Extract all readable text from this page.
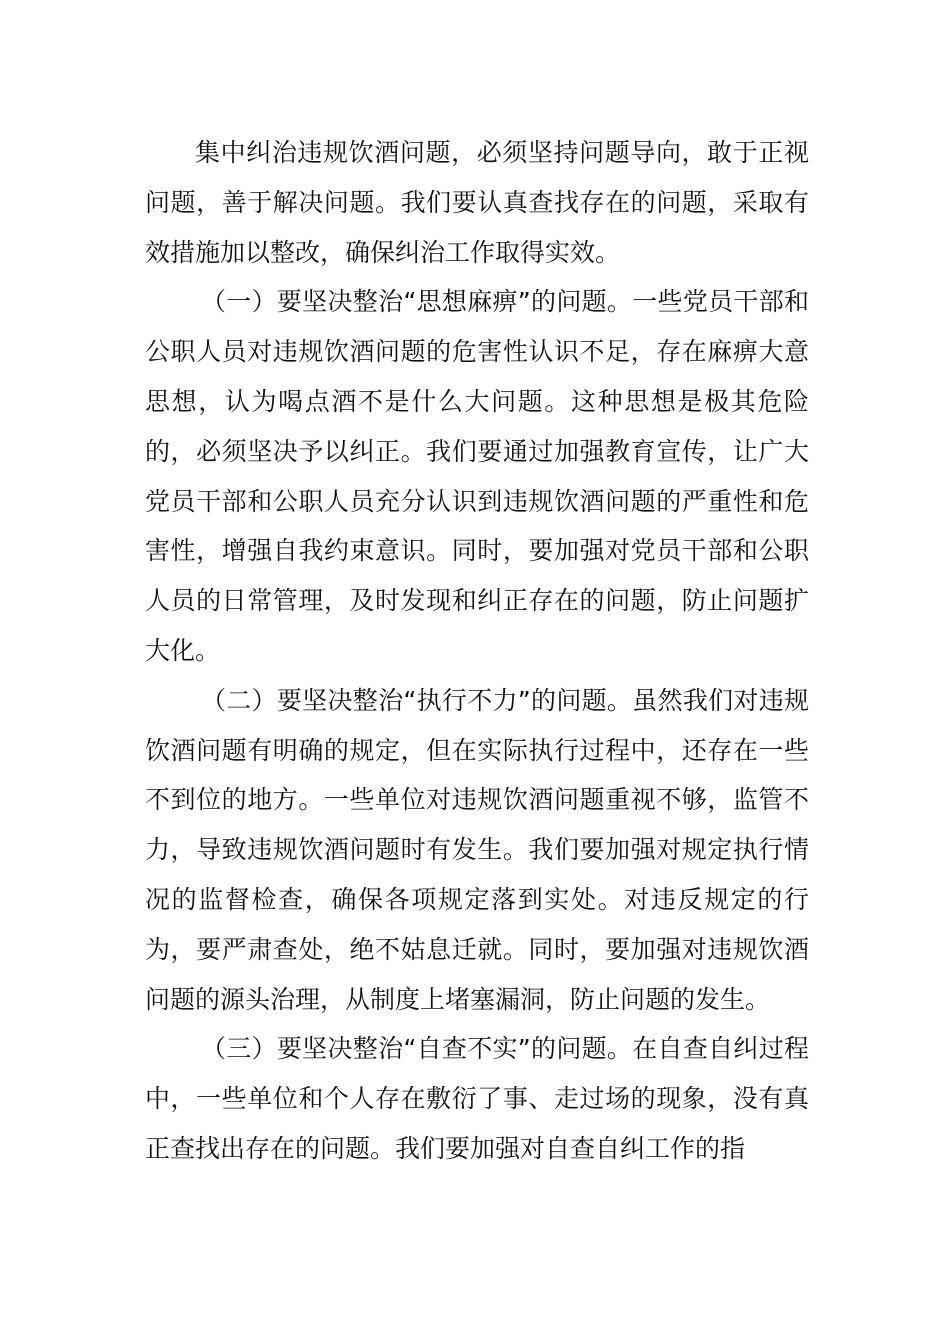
集中纠治违规饮酒问题，必须坚持问题导向，敢于正视问题，善于解决问题。我们要认真查找存在的问题，采取有效措施加以整改，确保纠治工作取得实效。

（一）要坚决整治“思想麻痹”的问题。一些党员干部和公职人员对违规饮酒问题的危害性认识不足，存在麻痹大意思想，认为喝点酒不是什么大问题。这种思想是极其危险的，必须坚决予以纠正。我们要通过加强教育宣传，让广大党员干部和公职人员充分认识到违规饮酒问题的严重性和危害性，增强自我约束意识。同时，要加强对党员干部和公职人员的日常管理，及时发现和纠正存在的问题，防止问题扩大化。

（二）要坚决整治“执行不力”的问题。虽然我们对违规饮酒问题有明确的规定，但在实际执行过程中，还存在一些不到位的地方。一些单位对违规饮酒问题重视不够，监管不力，导致违规饮酒问题时有发生。我们要加强对规定执行情况的监督检查，确保各项规定落到实处。对违反规定的行为，要严肃查处，绝不姑息迁就。同时，要加强对违规饮酒问题的源头治理，从制度上堵塞漏洞，防止问题的发生。

（三）要坚决整治“自查不实”的问题。在自查自纠过程中，一些单位和个人存在敷衍了事、走过场的现象，没有真正查找出存在的问题。我们要加强对自查自纠工作的指
